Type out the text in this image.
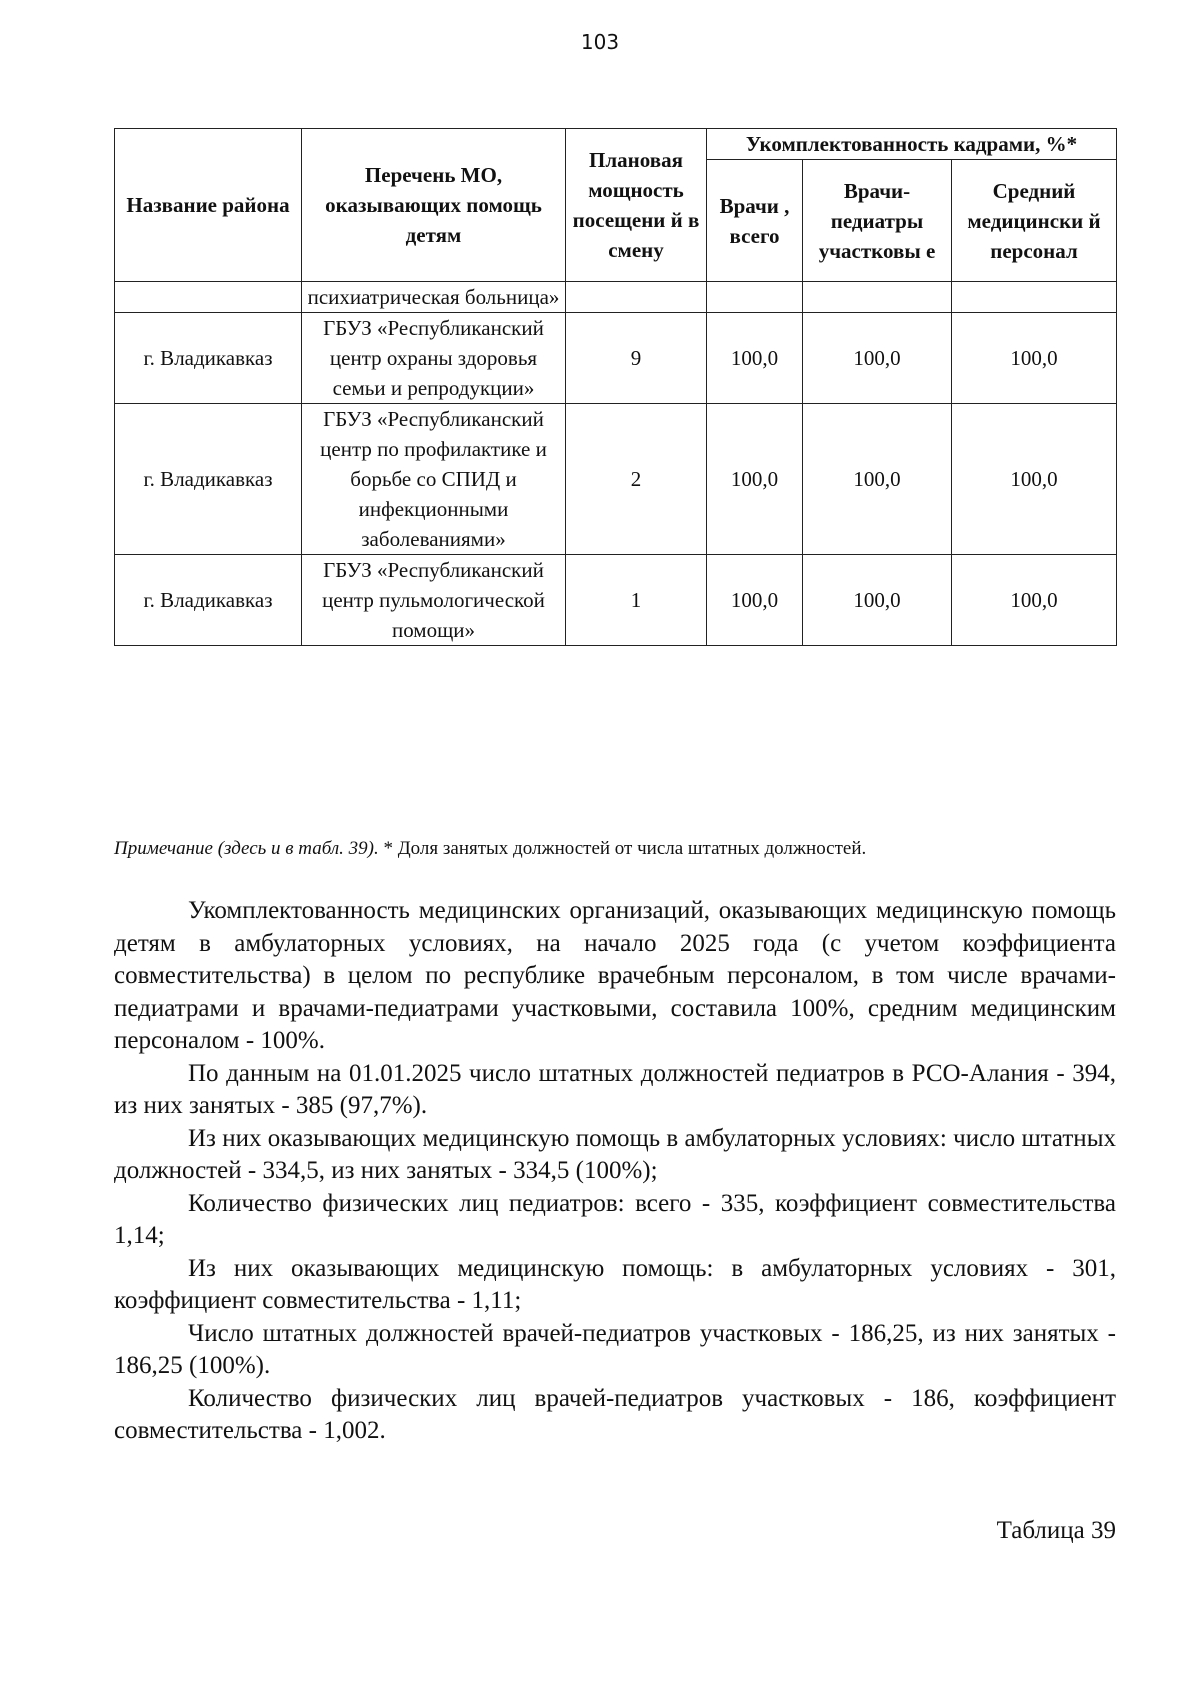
103
Название района	Перечень МО, оказывающих помощь детям	Плановая мощность посещени й в смену	Укомплектованность кадрами, %*		
			Врачи , всего	Врачи-педиатры участковы е	Средний медицински й персонал
	психиатрическая больница»				
г. Владикавказ	ГБУЗ «Республиканский центр охраны здоровья семьи и репродукции»	9	100,0	100,0	100,0
г. Владикавказ	ГБУЗ «Республиканский центр по профилактике и борьбе со СПИД и инфекционными заболеваниями»	2	100,0	100,0	100,0
г. Владикавказ	ГБУЗ «Республиканский центр пульмологической помощи»	1	100,0	100,0	100,0
Примечание (здесь и в табл. 39). * Доля занятых должностей от числа штатных должностей.

Укомплектованность медицинских организаций, оказывающих медицинскую помощь детям в амбулаторных условиях, на начало 2025 года (с учетом коэффициента совместительства) в целом по республике врачебным персоналом, в том числе врачами-педиатрами и врачами-педиатрами участковыми, составила 100%, средним медицинским персоналом - 100%.

По данным на 01.01.2025 число штатных должностей педиатров в РСО-Алания - 394, из них занятых - 385 (97,7%).

Из них оказывающих медицинскую помощь в амбулаторных условиях: число штатных должностей - 334,5, из них занятых - 334,5 (100%);

Количество физических лиц педиатров: всего - 335, коэффициент совместительства 1,14;

Из них оказывающих медицинскую помощь: в амбулаторных условиях - 301, коэффициент совместительства - 1,11;

Число штатных должностей врачей-педиатров участковых - 186,25, из них занятых - 186,25 (100%).

Количество физических лиц врачей-педиатров участковых - 186, коэффициент совместительства - 1,002.

Таблица 39
